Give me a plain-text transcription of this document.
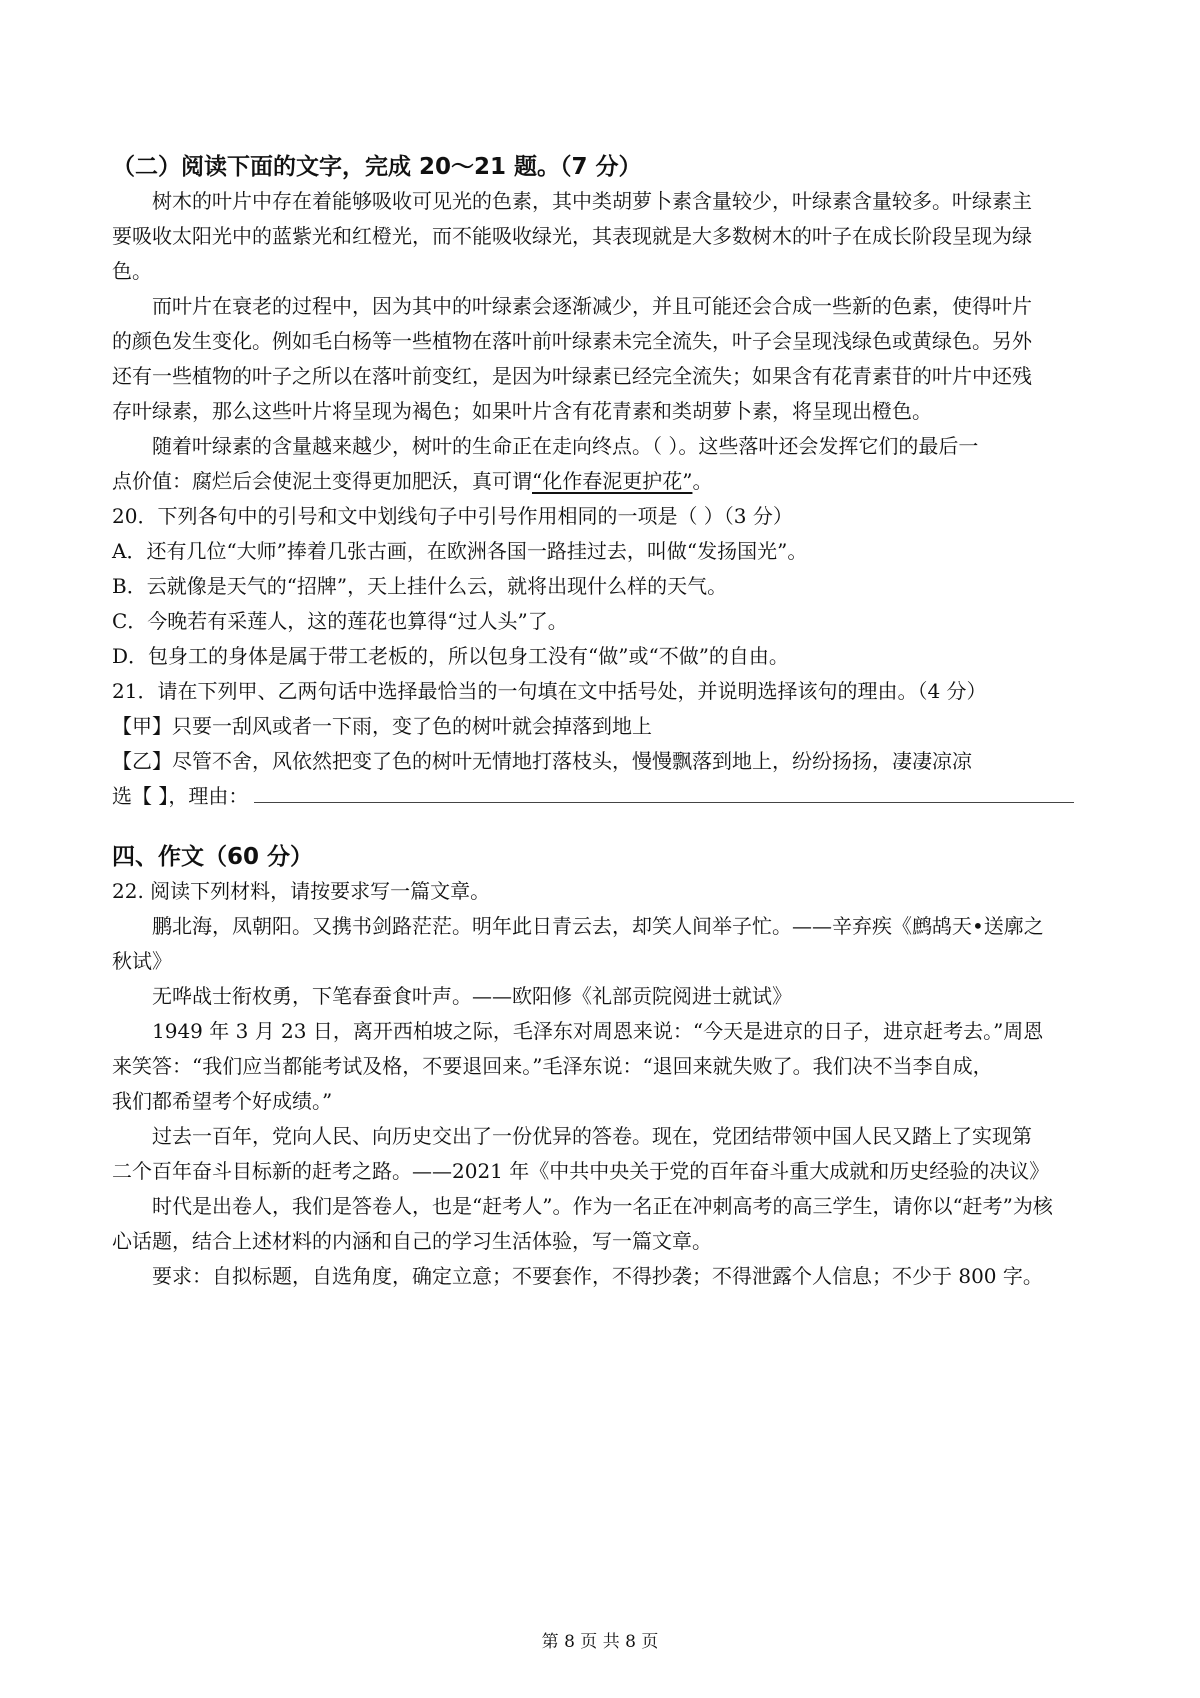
（二）阅读下面的文字，完成 20～21 题。（7 分）
树木的叶片中存在着能够吸收可见光的色素，其中类胡萝卜素含量较少，叶绿素含量较多。叶绿素主
要吸收太阳光中的蓝紫光和红橙光，而不能吸收绿光，其表现就是大多数树木的叶子在成长阶段呈现为绿
色。
而叶片在衰老的过程中，因为其中的叶绿素会逐渐减少，并且可能还会合成一些新的色素，使得叶片
的颜色发生变化。例如毛白杨等一些植物在落叶前叶绿素未完全流失，叶子会呈现浅绿色或黄绿色。另外
还有一些植物的叶子之所以在落叶前变红，是因为叶绿素已经完全流失；如果含有花青素苷的叶片中还残
存叶绿素，那么这些叶片将呈现为褐色；如果叶片含有花青素和类胡萝卜素，将呈现出橙色。
随着叶绿素的含量越来越少，树叶的生命正在走向终点。（ ）。这些落叶还会发挥它们的最后一
点价值：腐烂后会使泥土变得更加肥沃，真可谓“化作春泥更护花”。
20．下列各句中的引号和文中划线句子中引号作用相同的一项是（ ）（3 分）
A．还有几位“大师”捧着几张古画，在欧洲各国一路挂过去，叫做“发扬国光”。
B．云就像是天气的“招牌”，天上挂什么云，就将出现什么样的天气。
C．今晚若有采莲人，这的莲花也算得“过人头”了。
D．包身工的身体是属于带工老板的，所以包身工没有“做”或“不做”的自由。
21．请在下列甲、乙两句话中选择最恰当的一句填在文中括号处，并说明选择该句的理由。（4 分）
【甲】只要一刮风或者一下雨，变了色的树叶就会掉落到地上
【乙】尽管不舍，风依然把变了色的树叶无情地打落枝头，慢慢飘落到地上，纷纷扬扬，凄凄凉凉
选【 】，理由：
四、作文（60 分）
22. 阅读下列材料，请按要求写一篇文章。
鹏北海，凤朝阳。又携书剑路茫茫。明年此日青云去，却笑人间举子忙。——辛弃疾《鹧鸪天•送廓之
秋试》
无哗战士衔枚勇，下笔春蚕食叶声。——欧阳修《礼部贡院阅进士就试》
1949 年 3 月 23 日，离开西柏坡之际，毛泽东对周恩来说：“今天是进京的日子，进京赶考去。”周恩
来笑答：“我们应当都能考试及格，不要退回来。”毛泽东说：“退回来就失败了。我们决不当李自成，
我们都希望考个好成绩。”
过去一百年，党向人民、向历史交出了一份优异的答卷。现在，党团结带领中国人民又踏上了实现第
二个百年奋斗目标新的赶考之路。——2021 年《中共中央关于党的百年奋斗重大成就和历史经验的决议》
时代是出卷人，我们是答卷人，也是“赶考人”。作为一名正在冲刺高考的高三学生，请你以“赶考”为核
心话题，结合上述材料的内涵和自己的学习生活体验，写一篇文章。
要求：自拟标题，自选角度，确定立意；不要套作，不得抄袭；不得泄露个人信息；不少于 800 字。
第 8 页 共 8 页
